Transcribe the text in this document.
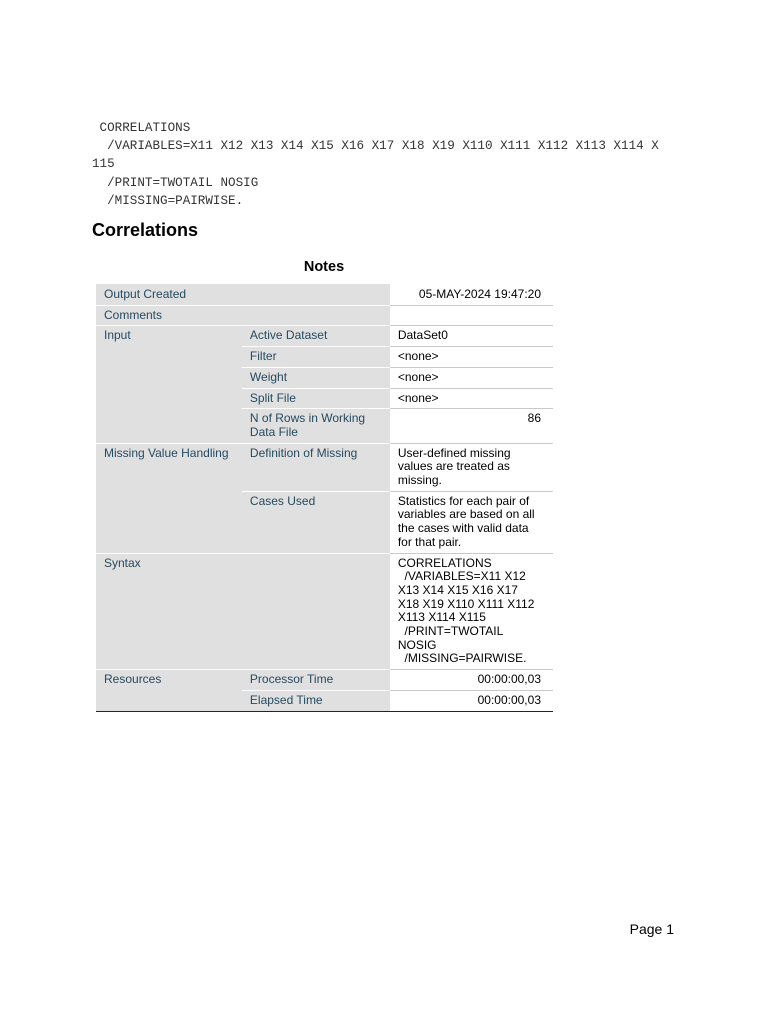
CORRELATIONS
/VARIABLES=X11 X12 X13 X14 X15 X16 X17 X18 X19 X110 X111 X112 X113 X114 X
115
/PRINT=TWOTAIL NOSIG
/MISSING=PAIRWISE.
Correlations
Notes
Output Created		05-MAY-2024 19:47:20
Comments		
Input	Active Dataset	DataSet0
	Filter	<none>
	Weight	<none>
	Split File	<none>
	N of Rows in Working Data File	86
Missing Value Handling	Definition of Missing	User-defined missing values are treated as missing.
	Cases Used	Statistics for each pair of variables are based on all the cases with valid data for that pair.
Syntax		CORRELATIONS
/VARIABLES=X11 X12 X13 X14 X15 X16 X17 X18 X19 X110 X111 X112 X113 X114 X115
/PRINT=TWOTAIL NOSIG
/MISSING=PAIRWISE.
Resources	Processor Time	00:00:00,03
	Elapsed Time	00:00:00,03

Page 1
